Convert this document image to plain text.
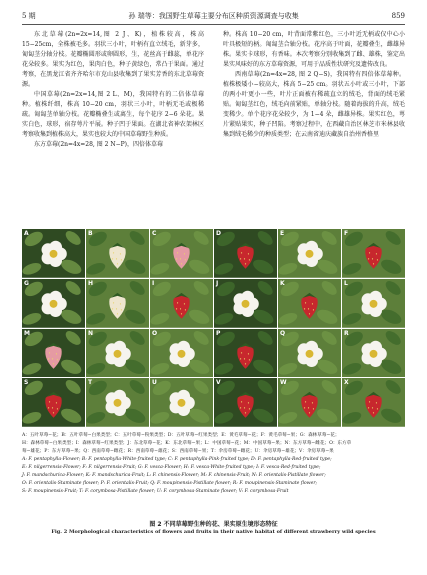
5 期	孙 瑞等：我国野生草莓主要分布区种质资源调查与收集	859

东北草莓(2n=2x=14,图 2 J、K)，植株较高，株高 15−25cm，全株被毛多。羽状三小叶，叶柄有直立绒毛，新芽多，匍匐茎分轴分枝。花瓣椭圆形或卵圆形，生，花丝高于雌蕊，单花序花朵较多。果实为红色，果肉白色，种子黄绿色，常凸于果面。通过考察，在黑龙江省齐齐哈尔市克山县收集到了果实芳香的东北草莓资源。

中国草莓(2n=2x=14,图 2 L、M)，我国特有的二倍体草莓种。植株纤细，株高 10−20 cm，羽状三小叶，叶柄无毛或极稀疏。匍匐茎单轴分枝。花瓣椭叠生或离生，每个花序 2−6 朵花。果实白色，球形，宿存萼片平展。种子凹于果面。在湖北省神农架林区考察收集到植株高大，果实也较大的中国草莓野生种质。

东方草莓(2n=4x=28, 图 2 N−P)，四倍体草莓

种。株高 10−20 cm，叶背面常紫红色，三小叶近无柄或仅中心小叶具极短的柄。匍匐茎合轴分枝。花序高于叶面，花瓣叠生，雌雄异株。果实卡球形，有香味。本次考察分别收集到了雌、雄株，鉴定出果实风味好的东方草莓资源，可用于品质性状研究及遗传改良。

西南草莓(2n=4x=28, 图 2 Q−S)，我国特有四倍体草莓种。植株极矮小−较高大，株高 5−25 cm。羽状五小叶或三小叶，下部的两小叶更小一些，叶片正面被有稀疏直立的绒毛，背面的绒毛紧贴。匍匐茎红色，绒毛向前紧贴，单轴分枝。随着海拔的升高，绒毛变稀少。单个花序花朵较少，为 1−4 朵，雌雄异株。果实红色，萼片紧贴果实，种子凹陷。考察过程中，在西藏自治区林芝市米林县收集到绒毛稀少的种质类型；在云南省迪庆藏族自治州香格里

A	B	C	D	E	F
G	H	I	J	K	L
M	N	O	P	Q	R
S	T	U	V	W	X

A：五叶草莓−花；B：五叶草莓−白果类型；C：五叶草莓−粉果类型；D：五叶草莓−红果类型；E：黄毛草莓−花；F：黄毛草莓−果；G：森林草莓−花；

H：森林草莓−白果类型；I：森林草莓−红果类型；J：东北草莓−花；K：东北草莓−果；L：中国草莓−花；M：中国草莓−果；N：东方草莓−雌花；O：东方草

莓−雄花；P：东方草莓−果；Q：西南草莓−雌花；R：西南草莓−雄花；S：西南草莓−果；T：伞房草莓−雌花；U：伞房草莓−雄花；V：伞房草莓−果

A: F. pentaphylla-Flower; B: F. pentaphylla-White-fruited type; C: F. pentaphylla-Pink-fruited type; D: F. pentaphylla-Red-fruited type;

E: F. nilgerrensis-Flower; F: F. nilgerrensis-Fruit; G: F. vesca-Flower; H: F. vesca-White-fruited type; I: F. vesca-Red-fruited type;

J: F. mandschurica-Flower; K: F. mandschurica-Fruit; L: F. chinensis-Flower; M: F. chinensis-Fruit; N: F. orientalis-Pistillate flower;

O: F. orientalis-Staminate flower; P: F. orientalis-Fruit; Q: F. moupinensis-Pistillate flower; R: F. moupinensis-Staminate flower;

S: F. moupinensis-Fruit; T: F. corymbosa-Pistillate flower; U: F. corymbosa-Staminate flower; V: F. corymbosa-Fruit

图 2 不同草莓野生种的花、果实原生境形态特征
Fig. 2 Morphological characteristics of flowers and fruits in their native habitat of different strawberry wild species
